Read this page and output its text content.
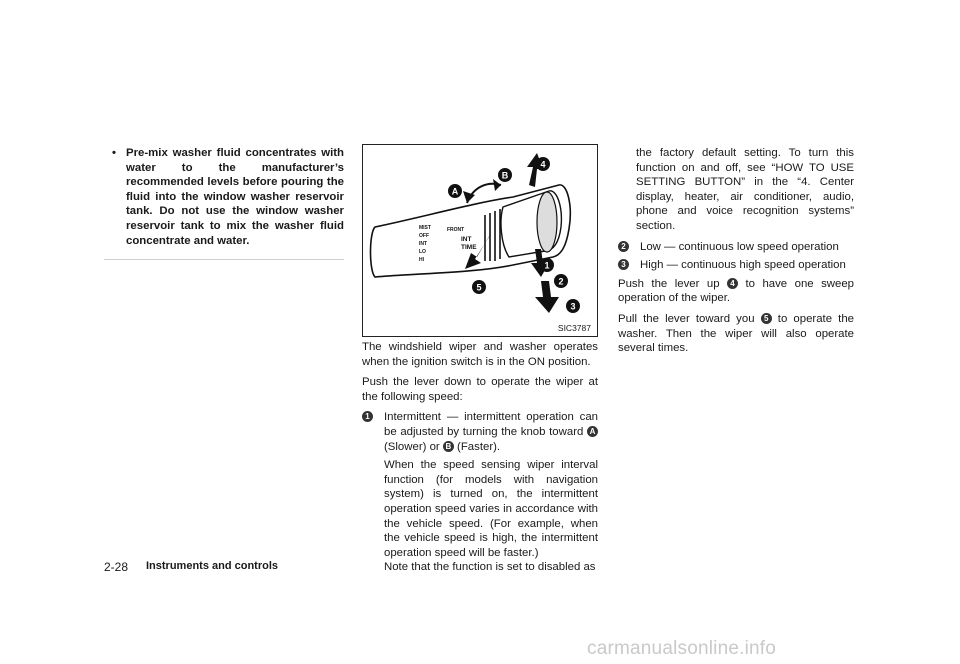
• Pre-mix washer fluid concentrates with water to the manufacturer’s recommended levels before pouring the fluid into the window washer reservoir tank. Do not use the window washer reservoir tank to mix the washer fluid concentrate and water.
MIST
OFF
INT
LO
HI
FRONT
INT
TIME
A
B
1
2
3
4
5
SIC3787

The windshield wiper and washer operates when the ignition switch is in the ON position.

Push the lever down to operate the wiper at the following speed:

1	Intermittent — intermittent operation can be adjusted by turning the knob toward A (Slower) or B (Faster).
When the speed sensing wiper interval function (for models with navigation system) is turned on, the intermittent operation speed varies in accordance with the vehicle speed. (For example, when the vehicle speed is high, the intermittent operation speed will be faster.)
Note that the function is set to disabled as
the factory default setting. To turn this function on and off, see “HOW TO USE SETTING BUTTON” in the “4. Center display, heater, air conditioner, audio, phone and voice recognition systems” section.
2	Low — continuous low speed operation
3	High — continuous high speed operation

Push the lever up 4 to have one sweep operation of the wiper.

Pull the lever toward you 5 to operate the washer. Then the wiper will also operate several times.

2-28 Instruments and controls
carmanualsonline.info
